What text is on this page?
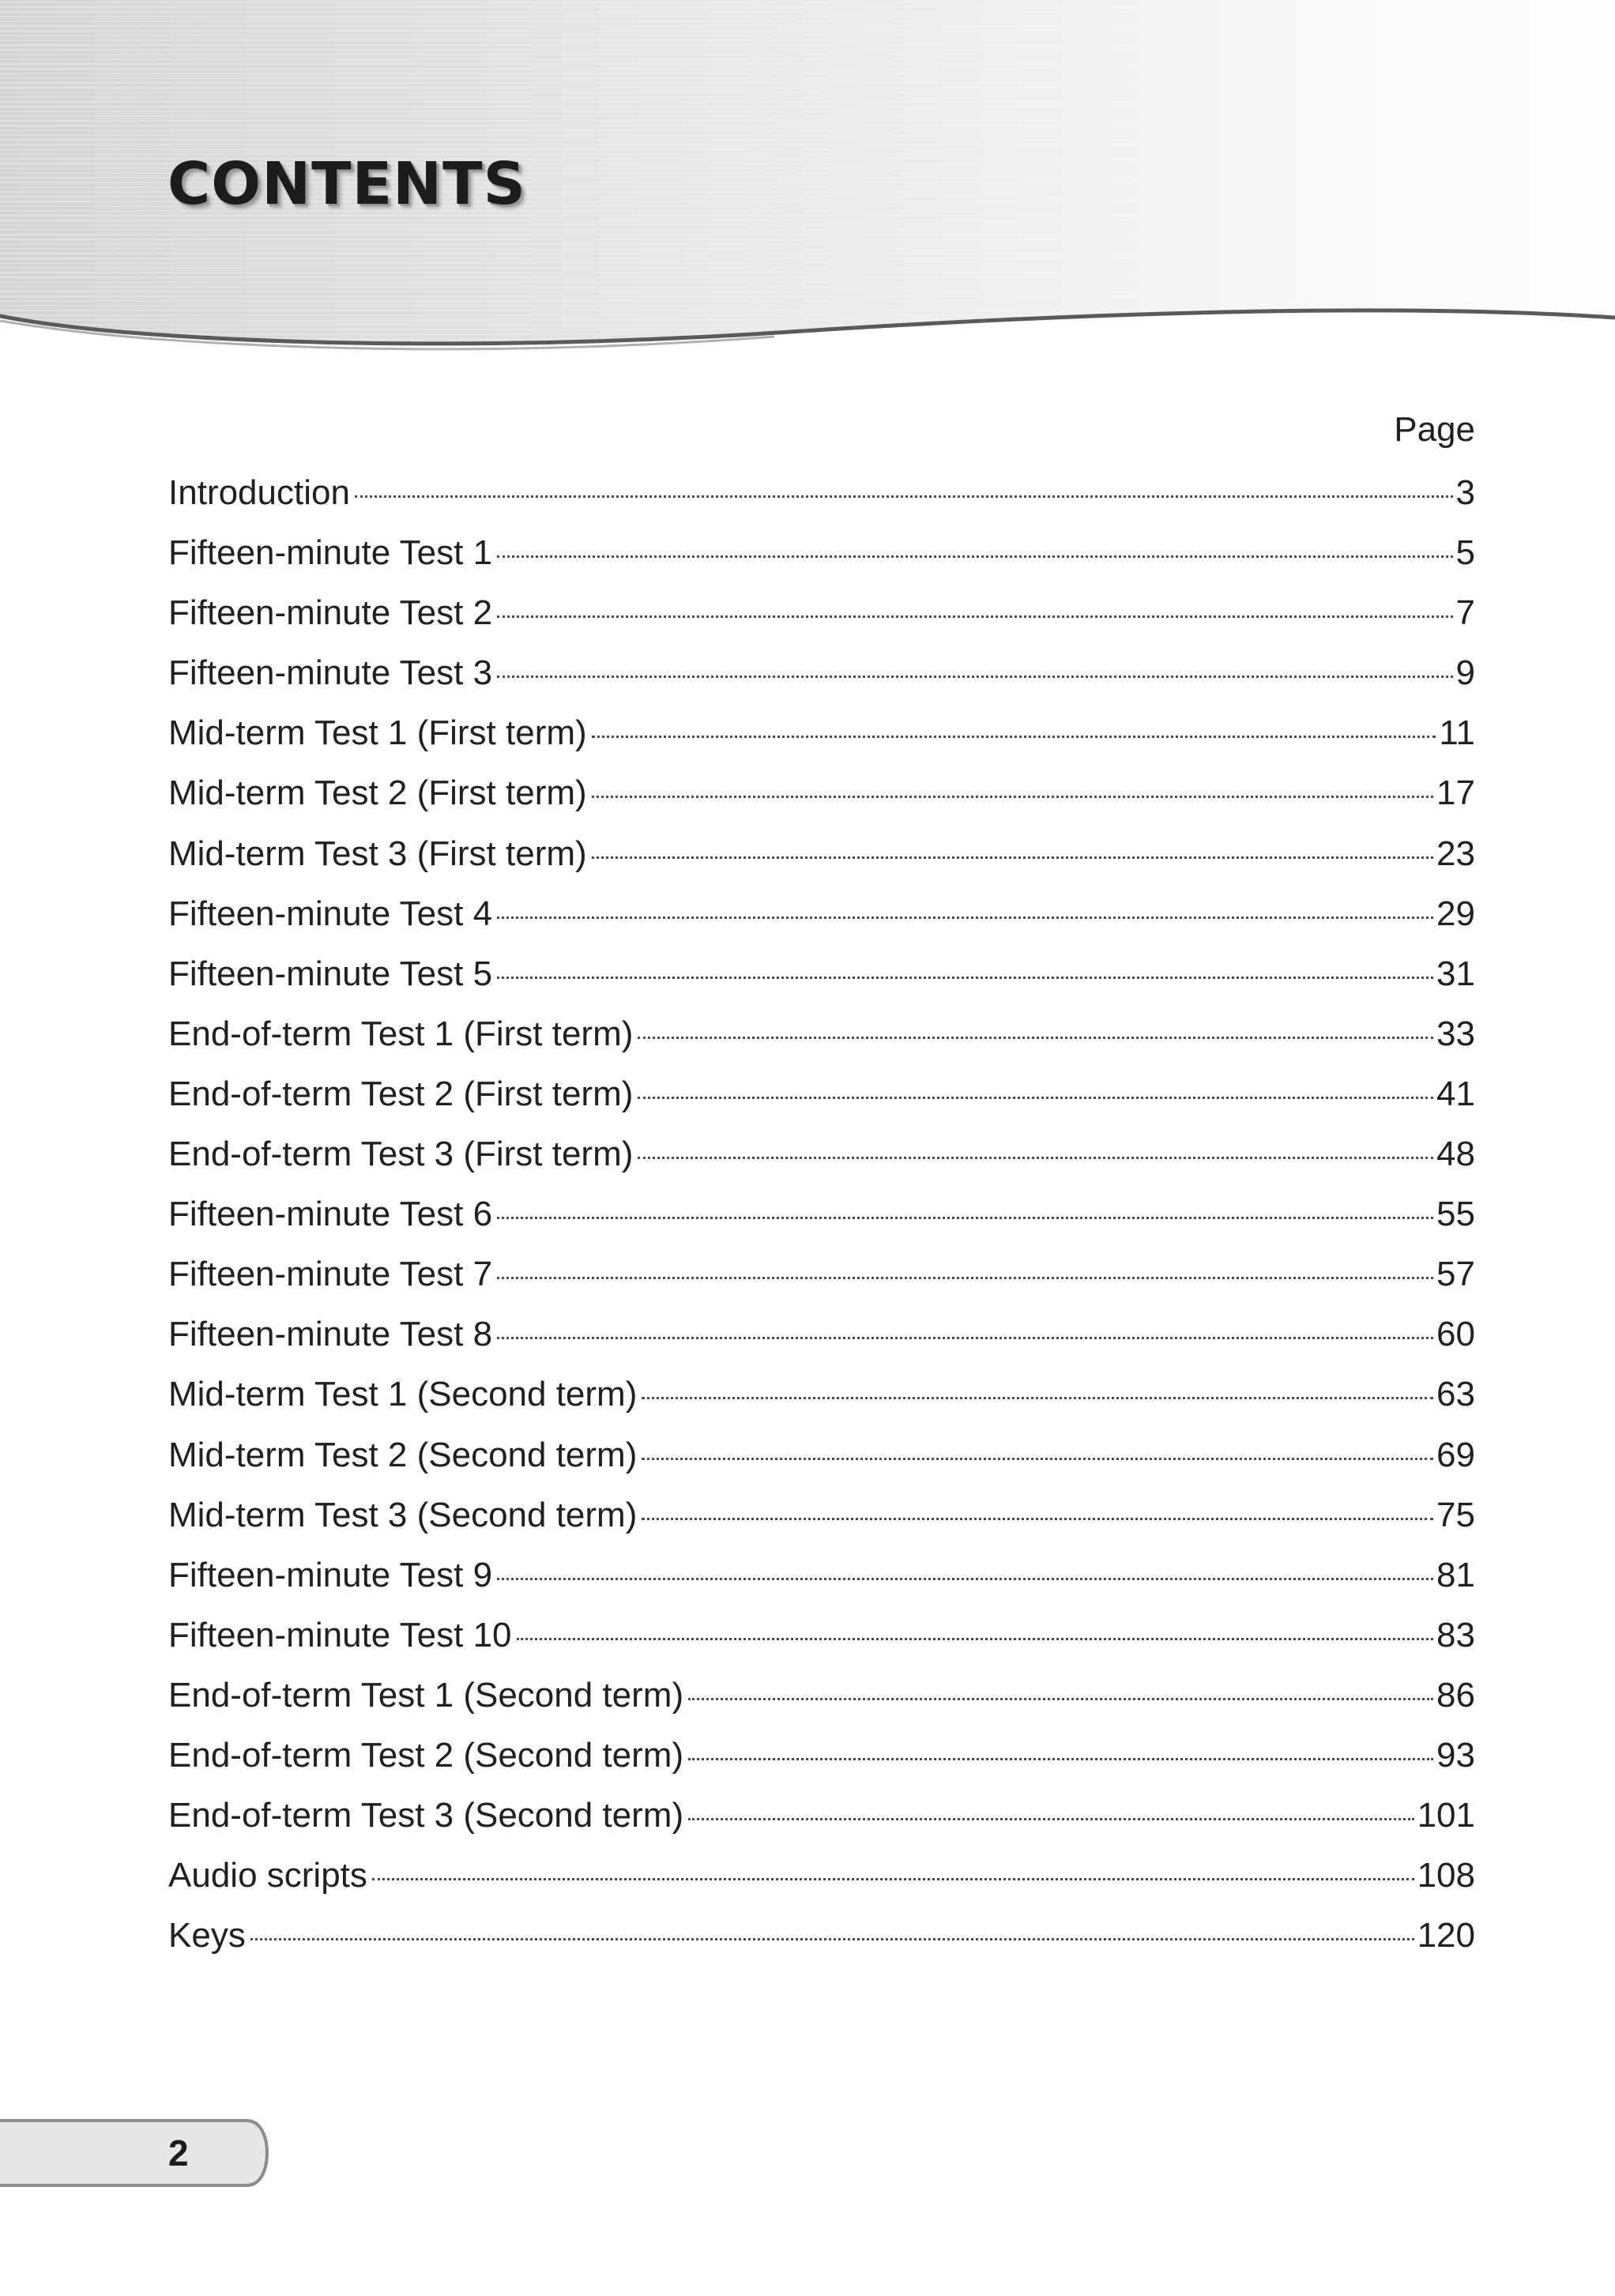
CONTENTS
Page
Introduction	3
Fifteen-minute Test 1	5
Fifteen-minute Test 2	7
Fifteen-minute Test 3	9
Mid-term Test 1 (First term)	11
Mid-term Test 2 (First term)	17
Mid-term Test 3 (First term)	23
Fifteen-minute Test 4	29
Fifteen-minute Test 5	31
End-of-term Test 1 (First term)	33
End-of-term Test 2 (First term)	41
End-of-term Test 3 (First term)	48
Fifteen-minute Test 6	55
Fifteen-minute Test 7	57
Fifteen-minute Test 8	60
Mid-term Test 1 (Second term)	63
Mid-term Test 2 (Second term)	69
Mid-term Test 3 (Second term)	75
Fifteen-minute Test 9	81
Fifteen-minute Test 10	83
End-of-term Test 1 (Second term)	86
End-of-term Test 2 (Second term)	93
End-of-term Test 3 (Second term)	101
Audio scripts	108
Keys	120
2
